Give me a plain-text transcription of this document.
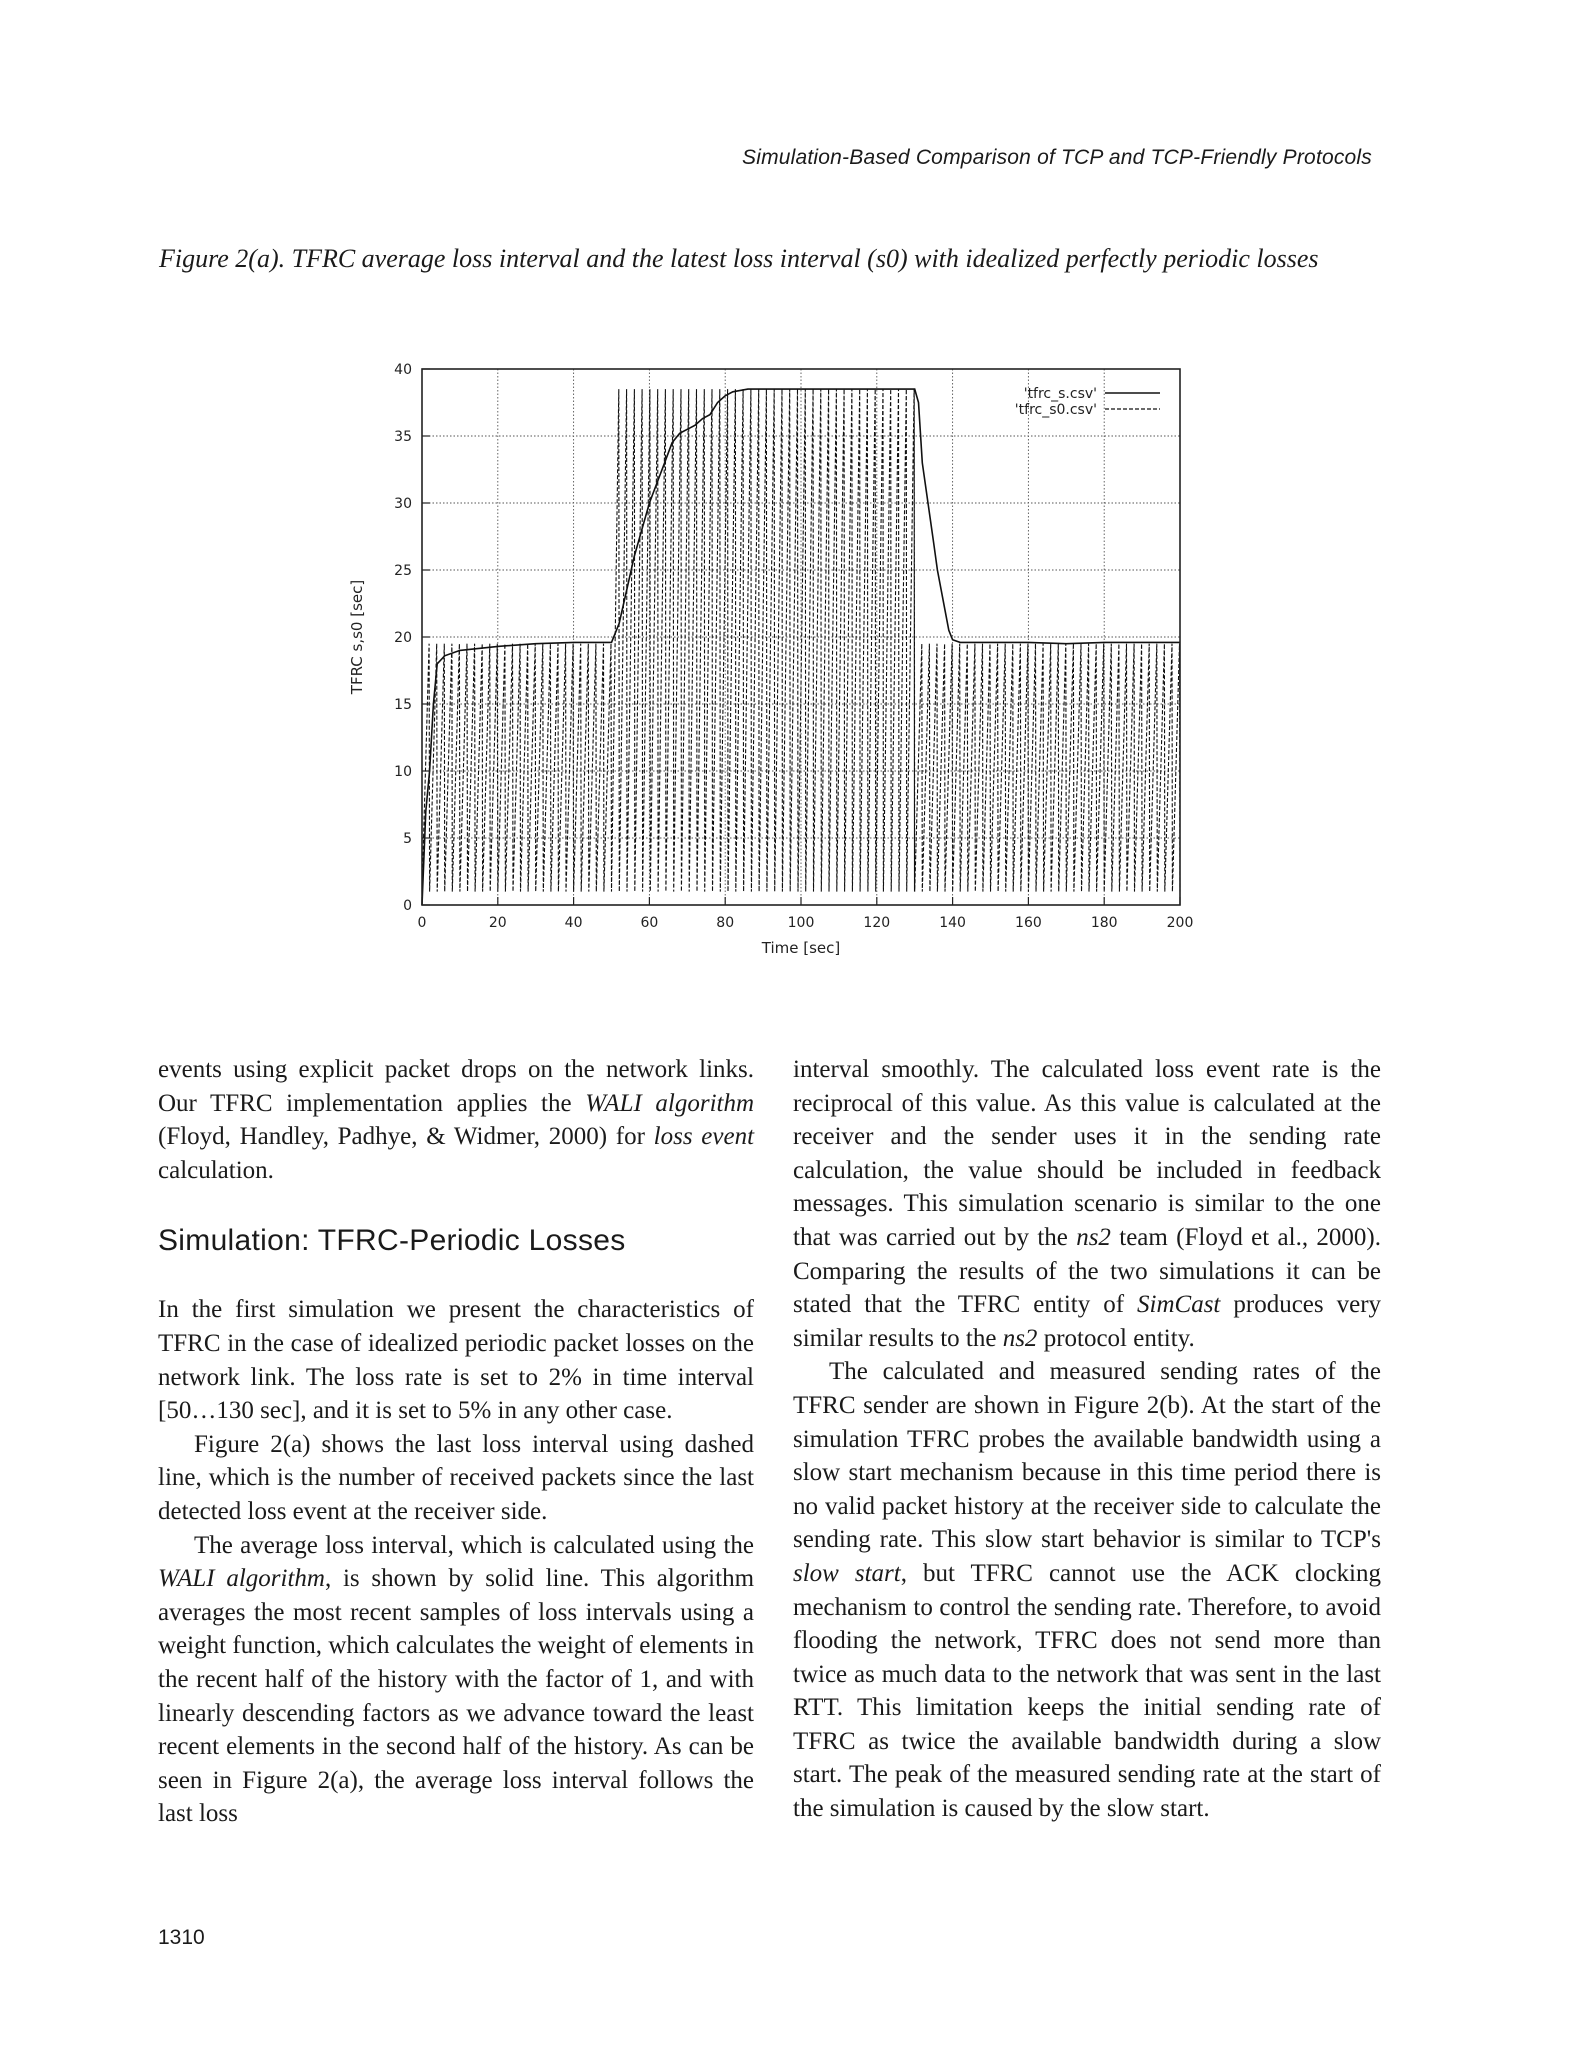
Simulation-Based Comparison of TCP and TCP-Friendly Protocols
Figure 2(a). TFRC average loss interval and the latest loss interval (s0) with idealized perfectly periodic losses
0	20	40	60	80	100	120	140	160	180	200
0
5
10
15
20
25
30
35
40
'tfrc_s.csv'
'tfrc_s0.csv'
Time [sec]
TFRC s,s0 [sec]

events using explicit packet drops on the network links. Our TFRC implementation applies the WALI algorithm (Floyd, Handley, Padhye, & Widmer, 2000) for loss event calculation.

Simulation: TFRC-Periodic Losses

In the first simulation we present the characteristics of TFRC in the case of idealized periodic packet losses on the network link. The loss rate is set to 2% in time interval [50…130 sec], and it is set to 5% in any other case.

Figure 2(a) shows the last loss interval using dashed line, which is the number of received packets since the last detected loss event at the receiver side.

The average loss interval, which is calculated using the WALI algorithm, is shown by solid line. This algorithm averages the most recent samples of loss intervals using a weight function, which calculates the weight of elements in the recent half of the history with the factor of 1, and with linearly descending factors as we advance toward the least recent elements in the second half of the history. As can be seen in Figure 2(a), the average loss interval follows the last loss

interval smoothly. The calculated loss event rate is the reciprocal of this value. As this value is calculated at the receiver and the sender uses it in the sending rate calculation, the value should be included in feedback messages. This simulation scenario is similar to the one that was carried out by the ns2 team (Floyd et al., 2000). Comparing the results of the two simulations it can be stated that the TFRC entity of SimCast produces very similar results to the ns2 protocol entity.

The calculated and measured sending rates of the TFRC sender are shown in Figure 2(b). At the start of the simulation TFRC probes the available bandwidth using a slow start mechanism because in this time period there is no valid packet history at the receiver side to calculate the sending rate. This slow start behavior is similar to TCP's slow start, but TFRC cannot use the ACK clocking mechanism to control the sending rate. Therefore, to avoid flooding the network, TFRC does not send more than twice as much data to the network that was sent in the last RTT. This limitation keeps the initial sending rate of TFRC as twice the available bandwidth during a slow start. The peak of the measured sending rate at the start of the simulation is caused by the slow start.

1310
